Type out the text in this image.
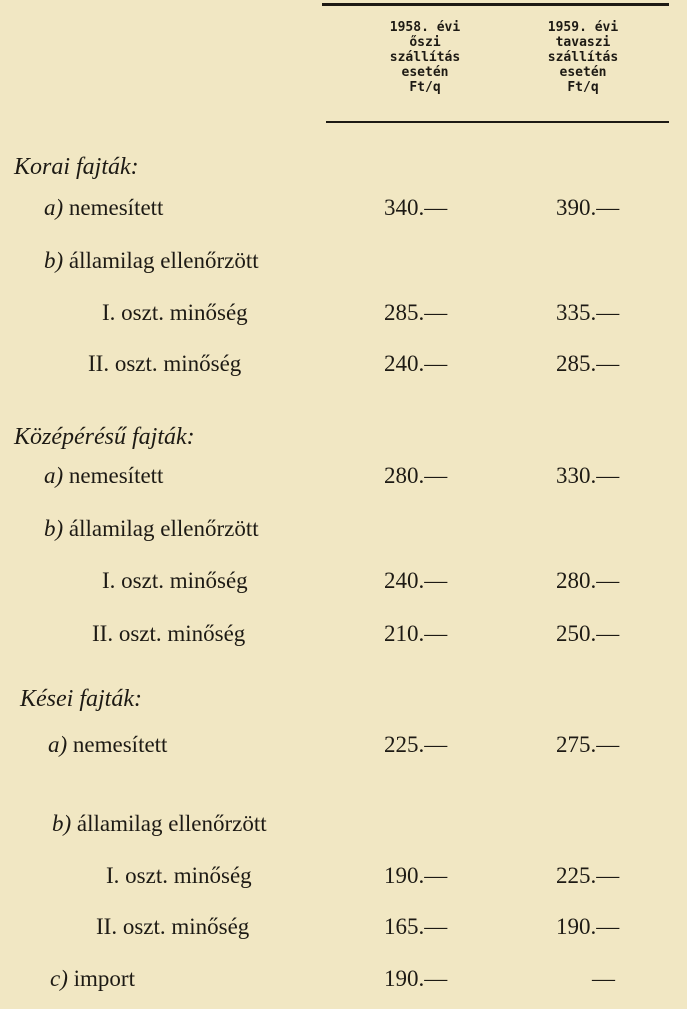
1958. évi
őszi
szállítás
esetén
Ft/q
1959. évi
tavaszi
szállítás
esetén
Ft/q
Korai fajták:
a) nemesített	340.—	390.—
b) államilag ellenőrzött
I. oszt. minőség	285.—	335.—
II. oszt. minőség	240.—	285.—
Középérésű fajták:
a) nemesített	280.—	330.—
b) államilag ellenőrzött
I. oszt. minőség	240.—	280.—
II. oszt. minőség	210.—	250.—
Kései fajták:
a) nemesített	225.—	275.—
b) államilag ellenőrzött
I. oszt. minőség	190.—	225.—
II. oszt. minőség	165.—	190.—
c) import	190.—	—
